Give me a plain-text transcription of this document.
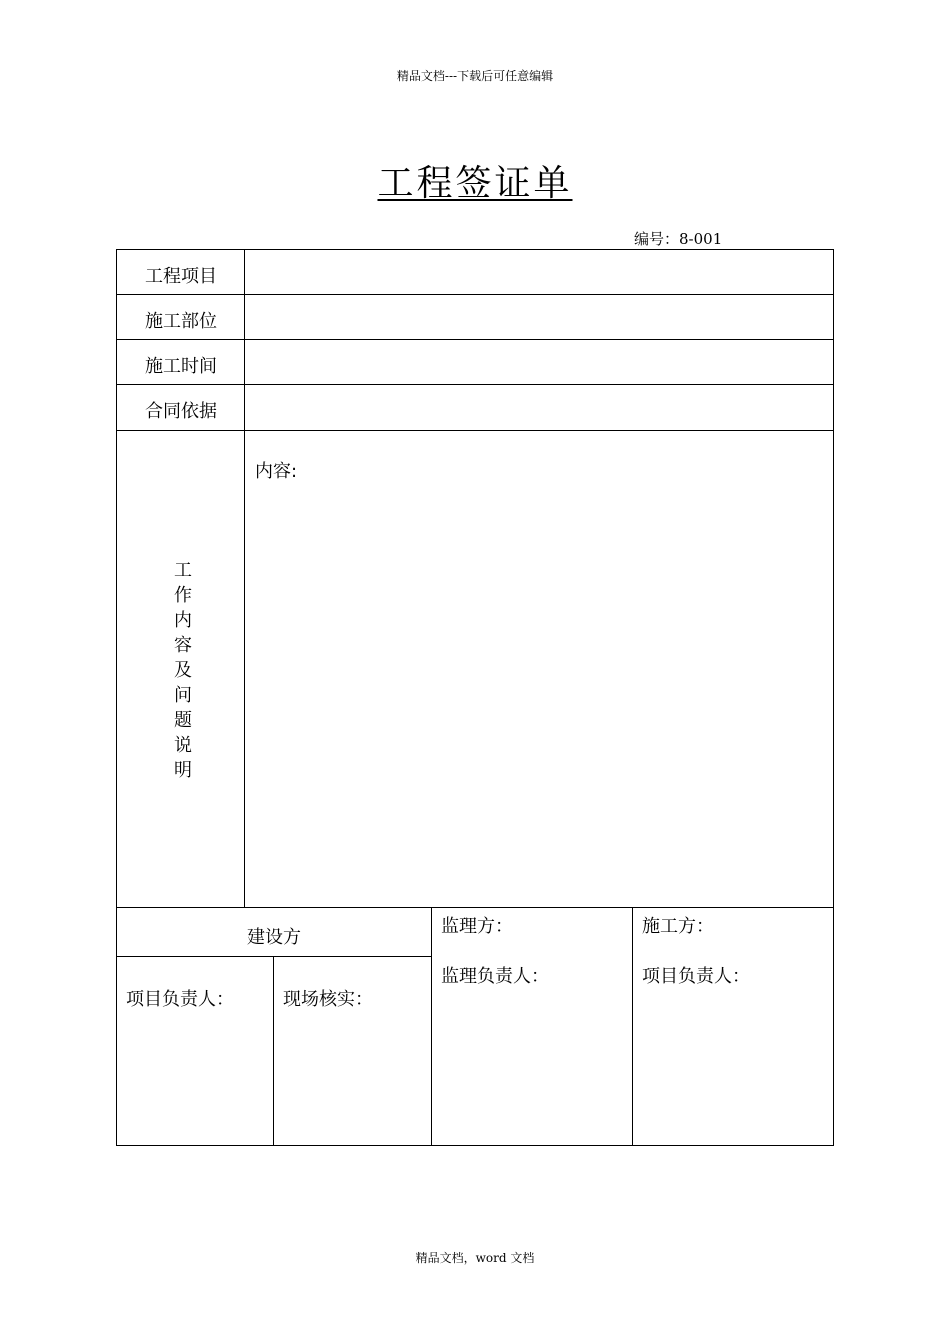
精品文档---下载后可任意编辑
工程签证单
编号：8-001
工程项目
施工部位
施工时间
合同依据
工作内容及问题说明
内容:
建设方
项目负责人：	现场核实：
监理方：
监理负责人：
施工方：
项目负责人：
精品文档，word 文档
